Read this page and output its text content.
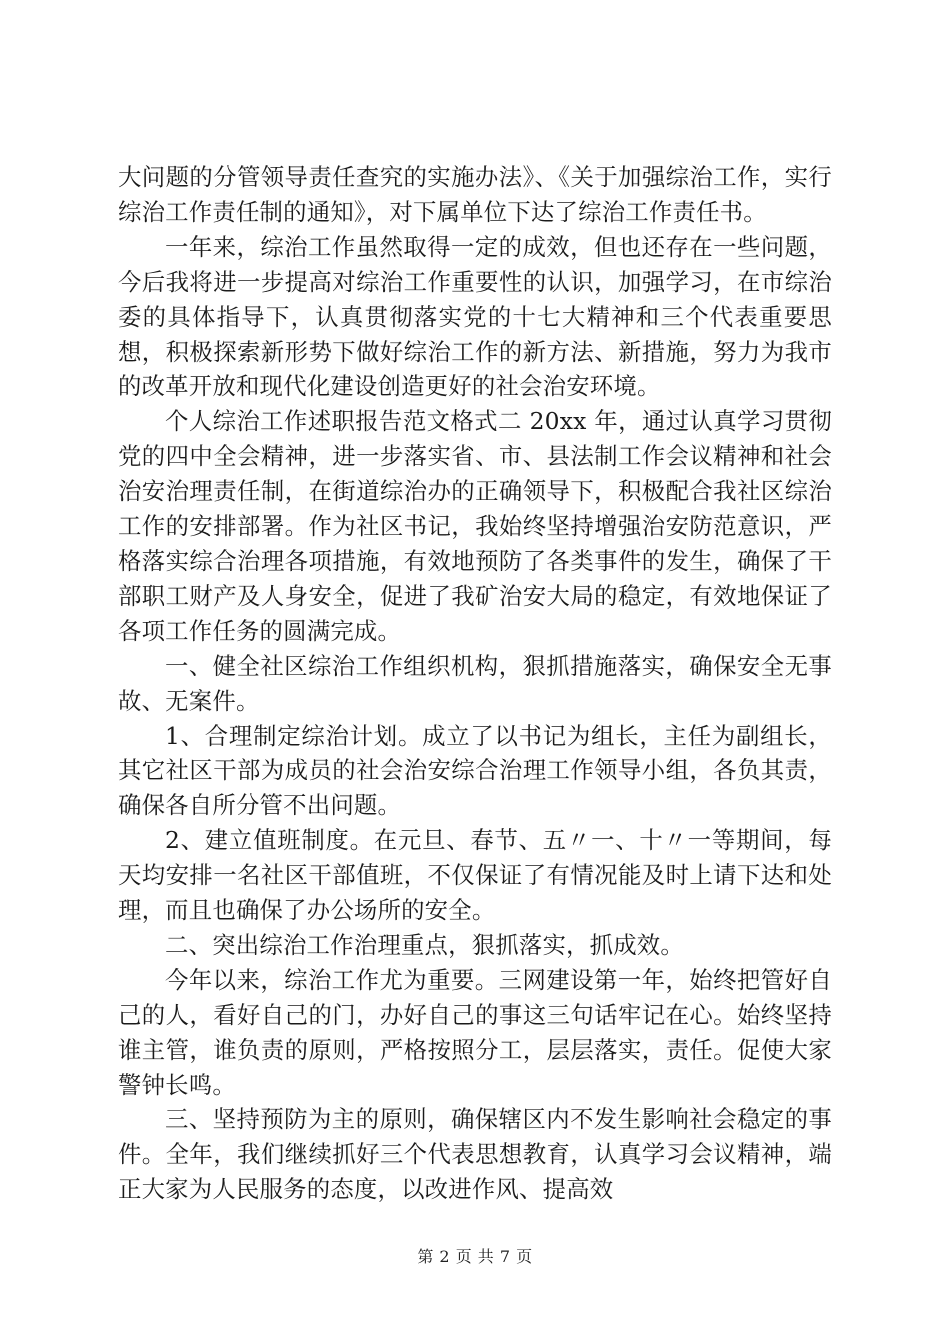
大问题的分管领导责任查究的实施办法》、《关于加强综治工作，实行综治工作责任制的通知》，对下属单位下达了综治工作责任书。

一年来，综治工作虽然取得一定的成效，但也还存在一些问题，今后我将进一步提高对综治工作重要性的认识，加强学习，在市综治委的具体指导下，认真贯彻落实党的十七大精神和三个代表重要思想，积极探索新形势下做好综治工作的新方法、新措施，努力为我市的改革开放和现代化建设创造更好的社会治安环境。

个人综治工作述职报告范文格式二 20xx 年，通过认真学习贯彻党的四中全会精神，进一步落实省、市、县法制工作会议精神和社会治安治理责任制，在街道综治办的正确领导下，积极配合我社区综治工作的安排部署。作为社区书记，我始终坚持增强治安防范意识，严格落实综合治理各项措施，有效地预防了各类事件的发生，确保了干部职工财产及人身安全，促进了我矿治安大局的稳定，有效地保证了各项工作任务的圆满完成。

一、健全社区综治工作组织机构，狠抓措施落实，确保安全无事故、无案件。

1、合理制定综治计划。成立了以书记为组长，主任为副组长，其它社区干部为成员的社会治安综合治理工作领导小组，各负其责，确保各自所分管不出问题。

2、建立值班制度。在元旦、春节、五〃一、十〃一等期间，每天均安排一名社区干部值班，不仅保证了有情况能及时上请下达和处理，而且也确保了办公场所的安全。

二、突出综治工作治理重点，狠抓落实，抓成效。

今年以来，综治工作尤为重要。三网建设第一年，始终把管好自己的人，看好自己的门，办好自己的事这三句话牢记在心。始终坚持谁主管，谁负责的原则，严格按照分工，层层落实，责任。促使大家警钟长鸣。

三、坚持预防为主的原则，确保辖区内不发生影响社会稳定的事件。全年，我们继续抓好三个代表思想教育，认真学习会议精神，端正大家为人民服务的态度，以改进作风、提高效

第 2 页 共 7 页
